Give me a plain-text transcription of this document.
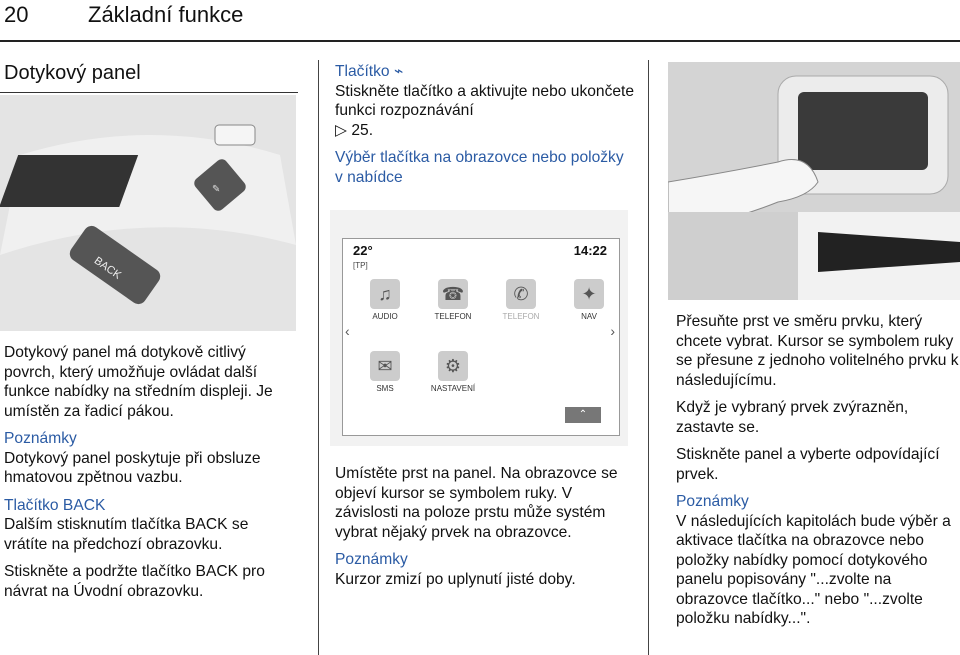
20	Základní funkce
Dotykový panel
✎
BACK

Dotykový panel má dotykově citlivý povrch, který umožňuje ovládat další funkce nabídky na středním displeji. Je umístěn za řadicí pákou.

Poznámky

Dotykový panel poskytuje při obsluze hmatovou zpětnou vazbu.

Tlačítko BACK

Dalším stisknutím tlačítka BACK se vrátíte na předchozí obrazovku.

Stiskněte a podržte tlačítko BACK pro návrat na Úvodní obrazovku.

Tlačítko ⌁

Stiskněte tlačítko a aktivujte nebo ukončete funkci rozpoznávání

▷ 25.

Výběr tlačítka na obrazovce nebo položky v nabídce

22°
[TP]
14:22
‹	›
♫
AUDIO
☎
TELEFON
✆
TELEFON
✦
NAV
✉
SMS
⚙
NASTAVENÍ
⌃

Umístěte prst na panel. Na obrazovce se objeví kursor se symbolem ruky. V závislosti na poloze prstu může systém vybrat nějaký prvek na obrazovce.

Poznámky

Kurzor zmizí po uplynutí jisté doby.

Přesuňte prst ve směru prvku, který chcete vybrat. Kursor se symbolem ruky se přesune z jednoho volitelného prvku k následujícímu.

Když je vybraný prvek zvýrazněn, zastavte se.

Stiskněte panel a vyberte odpovídající prvek.

Poznámky

V následujících kapitolách bude výběr a aktivace tlačítka na obrazovce nebo položky nabídky pomocí dotykového panelu popisovány "...zvolte na obrazovce tlačítko..." nebo "...zvolte položku nabídky...".
